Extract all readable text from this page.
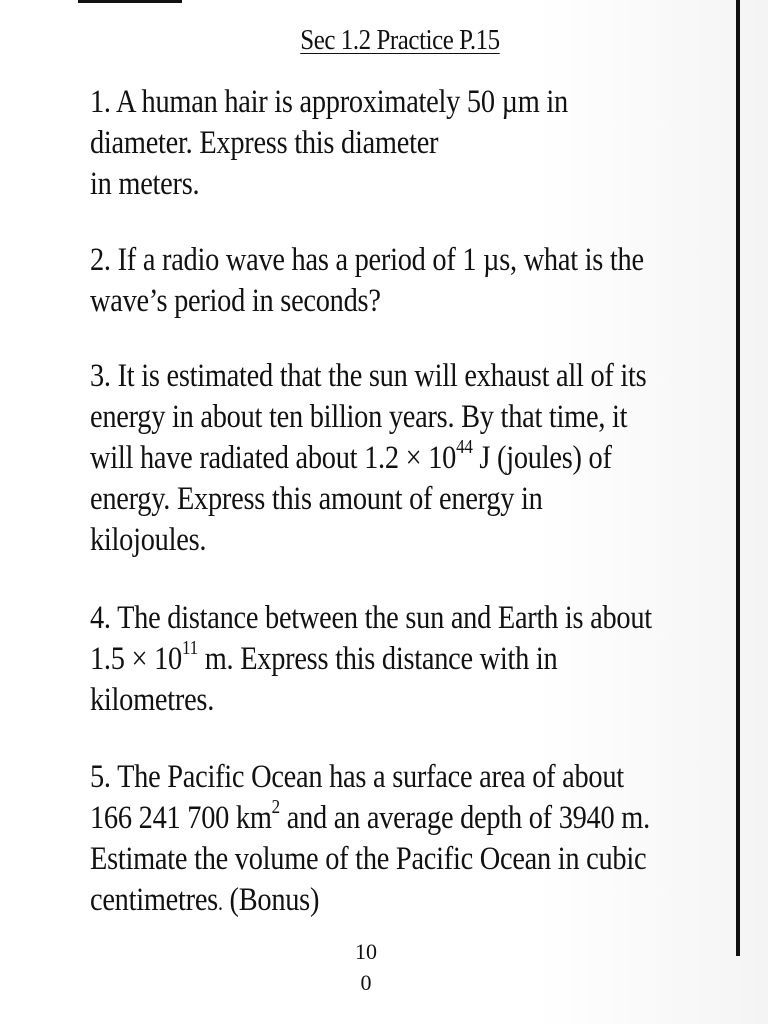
Sec 1.2 Practice P.15

1. A human hair is approximately 50 µm in
diameter. Express this diameter
in meters.

2. If a radio wave has a period of 1 µs, what is the
wave’s period in seconds?

3. It is estimated that the sun will exhaust all of its
energy in about ten billion years. By that time, it
will have radiated about $1.2 \times 10^{44}$ J (joules) of
energy. Express this amount of energy in
kilojoules.

4. The distance between the sun and Earth is about
$1.5 \times 10^{11}$ m. Express this distance with in
kilometres.

5. The Pacific Ocean has a surface area of about
166 241 700 $km^2$ and an average depth of 3940 m.
Estimate the volume of the Pacific Ocean in cubic
centimetres. (Bonus)

10
0
